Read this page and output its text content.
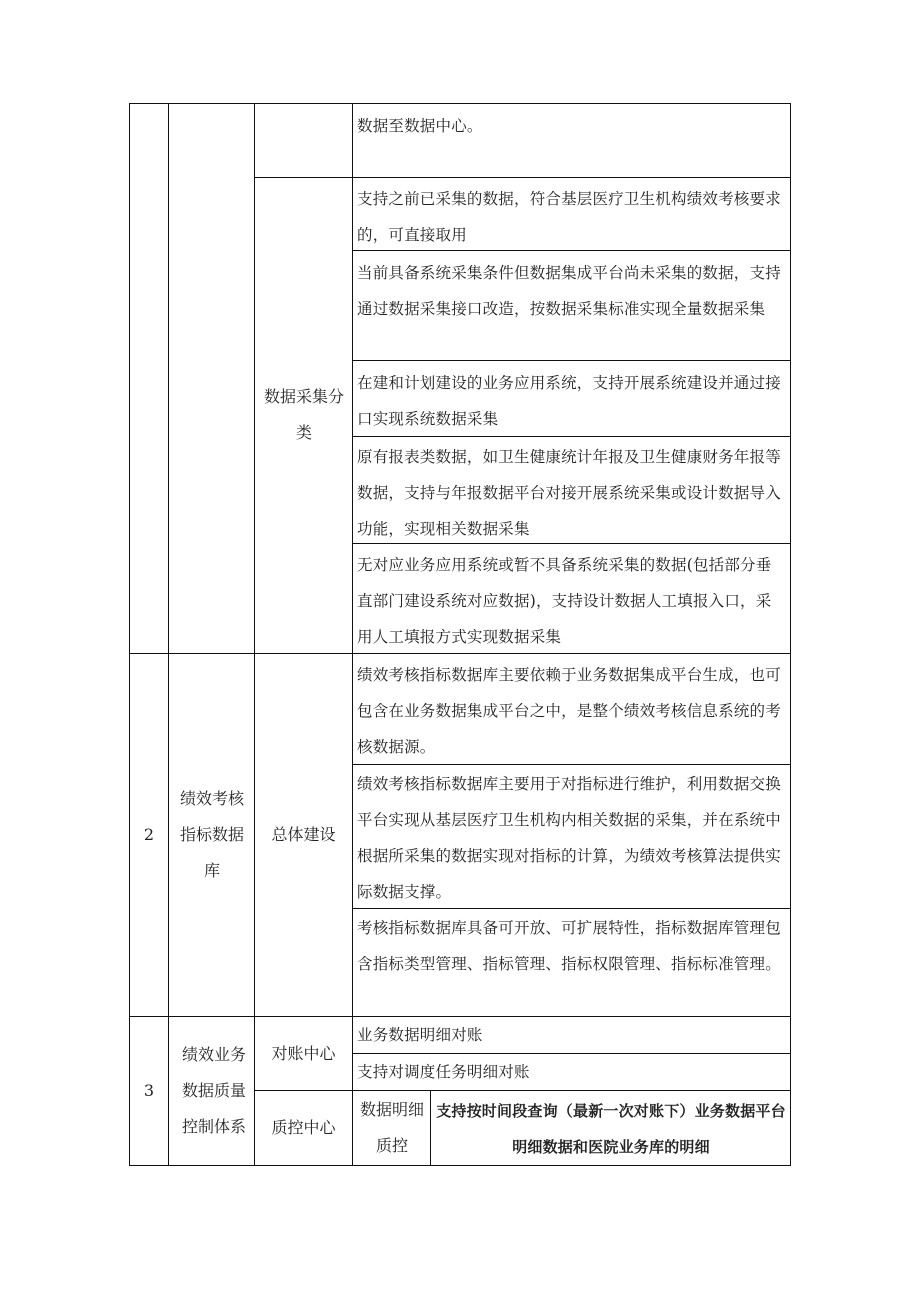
数据至数据中心。
数据采集分类
支持之前已采集的数据，符合基层医疗卫生机构绩效考核要求的，可直接取用
当前具备系统采集条件但数据集成平台尚未采集的数据，支持通过数据采集接口改造，按数据采集标准实现全量数据采集
在建和计划建设的业务应用系统，支持开展系统建设并通过接口实现系统数据采集
原有报表类数据，如卫生健康统计年报及卫生健康财务年报等数据，支持与年报数据平台对接开展系统采集或设计数据导入功能，实现相关数据采集
无对应业务应用系统或暂不具备系统采集的数据(包括部分垂直部门建设系统对应数据)，支持设计数据人工填报入口，采用人工填报方式实现数据采集
2
绩效考核指标数据库
总体建设
绩效考核指标数据库主要依赖于业务数据集成平台生成，也可包含在业务数据集成平台之中，是整个绩效考核信息系统的考核数据源。
绩效考核指标数据库主要用于对指标进行维护，利用数据交换平台实现从基层医疗卫生机构内相关数据的采集，并在系统中根据所采集的数据实现对指标的计算，为绩效考核算法提供实际数据支撑。
考核指标数据库具备可开放、可扩展特性，指标数据库管理包含指标类型管理、指标管理、指标权限管理、指标标准管理。
3
绩效业务数据质量控制体系
对账中心
业务数据明细对账
支持对调度任务明细对账
质控中心
数据明细质控
支持按时间段查询（最新一次对账下）业务数据平台明细数据和医院业务库的明细
